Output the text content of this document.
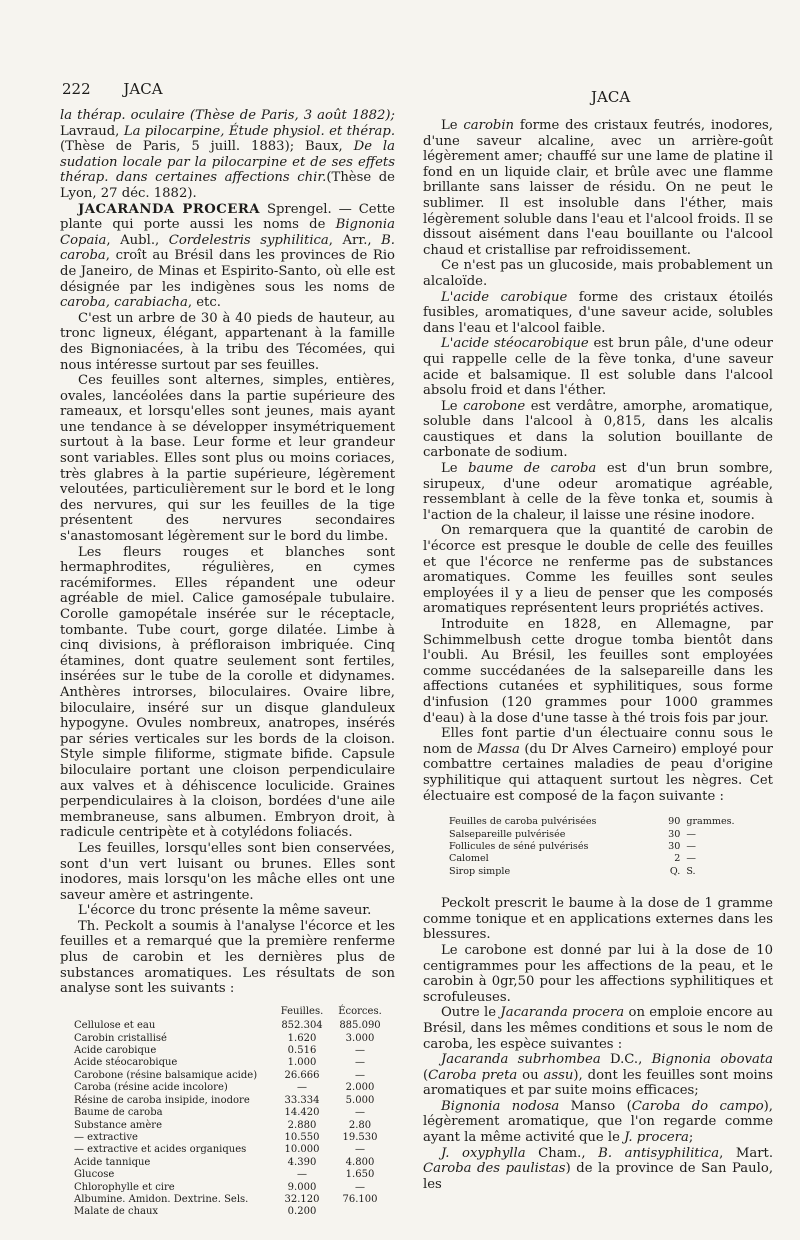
222 JACA	JACA

la thérap. oculaire (Thèse de Paris, 3 août 1882); Lavraud, La pilocarpine, Étude physiol. et thérap. (Thèse de Paris, 5 juill. 1883); Baux, De la sudation locale par la pilocarpine et de ses effets thérap. dans certaines affections chir.(Thèse de Lyon, 27 déc. 1882).

JACARANDA PROCERA Sprengel. — Cette plante qui porte aussi les noms de Bignonia Copaia, Aubl., Cordelestris syphilitica, Arr., B. caroba, croît au Brésil dans les provinces de Rio de Janeiro, de Minas et Espirito-Santo, où elle est désignée par les indigènes sous les noms de caroba, carabiacha, etc.

C'est un arbre de 30 à 40 pieds de hauteur, au tronc ligneux, élégant, appartenant à la famille des Bignoniacées, à la tribu des Técomées, qui nous intéresse surtout par ses feuilles.

Ces feuilles sont alternes, simples, entières, ovales, lancéolées dans la partie supérieure des rameaux, et lorsqu'elles sont jeunes, mais ayant une tendance à se développer insymétriquement surtout à la base. Leur forme et leur grandeur sont variables. Elles sont plus ou moins coriaces, très glabres à la partie supérieure, légèrement veloutées, particulièrement sur le bord et le long des nervures, qui sur les feuilles de la tige présentent des nervures secondaires s'anastomosant légèrement sur le bord du limbe.

Les fleurs rouges et blanches sont hermaphrodites, régulières, en cymes racémiformes. Elles répandent une odeur agréable de miel. Calice gamosépale tubulaire. Corolle gamopétale insérée sur le réceptacle, tombante. Tube court, gorge dilatée. Limbe à cinq divisions, à préfloraison imbriquée. Cinq étamines, dont quatre seulement sont fertiles, insérées sur le tube de la corolle et didynames. Anthères introrses, biloculaires. Ovaire libre, biloculaire, inséré sur un disque glanduleux hypogyne. Ovules nombreux, anatropes, insérés par séries verticales sur les bords de la cloison. Style simple filiforme, stigmate bifide. Capsule biloculaire portant une cloison perpendiculaire aux valves et à déhiscence loculicide. Graines perpendiculaires à la cloison, bordées d'une aile membraneuse, sans albumen. Embryon droit, à radicule centripète et à cotylédons foliacés.

Les feuilles, lorsqu'elles sont bien conservées, sont d'un vert luisant ou brunes. Elles sont inodores, mais lorsqu'on les mâche elles ont une saveur amère et astringente.

L'écorce du tronc présente la même saveur.

Th. Peckolt a soumis à l'analyse l'écorce et les feuilles et a remarqué que la première renferme plus de carobin et les dernières plus de substances aromatiques. Les résultats de son analyse sont les suivants :

	Feuilles.	Écorces.
Cellulose et eau	852.304	885.090
Carobin cristallisé	1.620	3.000
Acide carobique	0.516	—
Acide stéocarobique	1.000	—
Carobone (résine balsamique acide)	26.666	—
Caroba (résine acide incolore)	—	2.000
Résine de caroba insipide, inodore	33.334	5.000
Baume de caroba	14.420	—
Substance amère	2.880	2.80
— extractive	10.550	19.530
— extractive et acides organiques	10.000	—
Acide tannique	4.390	4.800
Glucose	—	1.650
Chlorophylle et cire	9.000	—
Albumine. Amidon. Dextrine. Sels.	32.120	76.100
Malate de chaux	0.200	

Le carobin forme des cristaux feutrés, inodores, d'une saveur alcaline, avec un arrière-goût légèrement amer; chauffé sur une lame de platine il fond en un liquide clair, et brûle avec une flamme brillante sans laisser de résidu. On ne peut le sublimer. Il est insoluble dans l'éther, mais légèrement soluble dans l'eau et l'alcool froids. Il se dissout aisément dans l'eau bouillante ou l'alcool chaud et cristallise par refroidissement.

Ce n'est pas un glucoside, mais probablement un alcaloïde.

L'acide carobique forme des cristaux étoilés fusibles, aromatiques, d'une saveur acide, solubles dans l'eau et l'alcool faible.

L'acide stéocarobique est brun pâle, d'une odeur qui rappelle celle de la fève tonka, d'une saveur acide et balsamique. Il est soluble dans l'alcool absolu froid et dans l'éther.

Le carobone est verdâtre, amorphe, aromatique, soluble dans l'alcool à 0,815, dans les alcalis caustiques et dans la solution bouillante de carbonate de sodium.

Le baume de caroba est d'un brun sombre, sirupeux, d'une odeur aromatique agréable, ressemblant à celle de la fève tonka et, soumis à l'action de la chaleur, il laisse une résine inodore.

On remarquera que la quantité de carobin de l'écorce est presque le double de celle des feuilles et que l'écorce ne renferme pas de substances aromatiques. Comme les feuilles sont seules employées il y a lieu de penser que les composés aromatiques représentent leurs propriétés actives.

Introduite en 1828, en Allemagne, par Schimmelbush cette drogue tomba bientôt dans l'oubli. Au Brésil, les feuilles sont employées comme succédanées de la salsepareille dans les affections cutanées et syphilitiques, sous forme d'infusion (120 grammes pour 1000 grammes d'eau) à la dose d'une tasse à thé trois fois par jour.

Elles font partie d'un électuaire connu sous le nom de Massa (du Dr Alves Carneiro) employé pour combattre certaines maladies de peau d'origine syphilitique qui attaquent surtout les nègres. Cet électuaire est composé de la façon suivante :

Feuilles de caroba pulvérisées	90	grammes.
Salsepareille pulvérisée	30	—
Follicules de séné pulvérisés	30	—
Calomel	2	—
Sirop simple	Q.	S.

Peckolt prescrit le baume à la dose de 1 gramme comme tonique et en applications externes dans les blessures.

Le carobone est donné par lui à la dose de 10 centigrammes pour les affections de la peau, et le carobin à 0gr,50 pour les affections syphilitiques et scrofuleuses.

Outre le Jacaranda procera on emploie encore au Brésil, dans les mêmes conditions et sous le nom de caroba, les espèce suivantes :

Jacaranda subrhombea D.C., Bignonia obovata (Caroba preta ou assu), dont les feuilles sont moins aromatiques et par suite moins efficaces;

Bignonia nodosa Manso (Caroba do campo), légèrement aromatique, que l'on regarde comme ayant la même activité que le J. procera;

J. oxyphylla Cham., B. antisyphilitica, Mart. Caroba des paulistas) de la province de San Paulo, les
